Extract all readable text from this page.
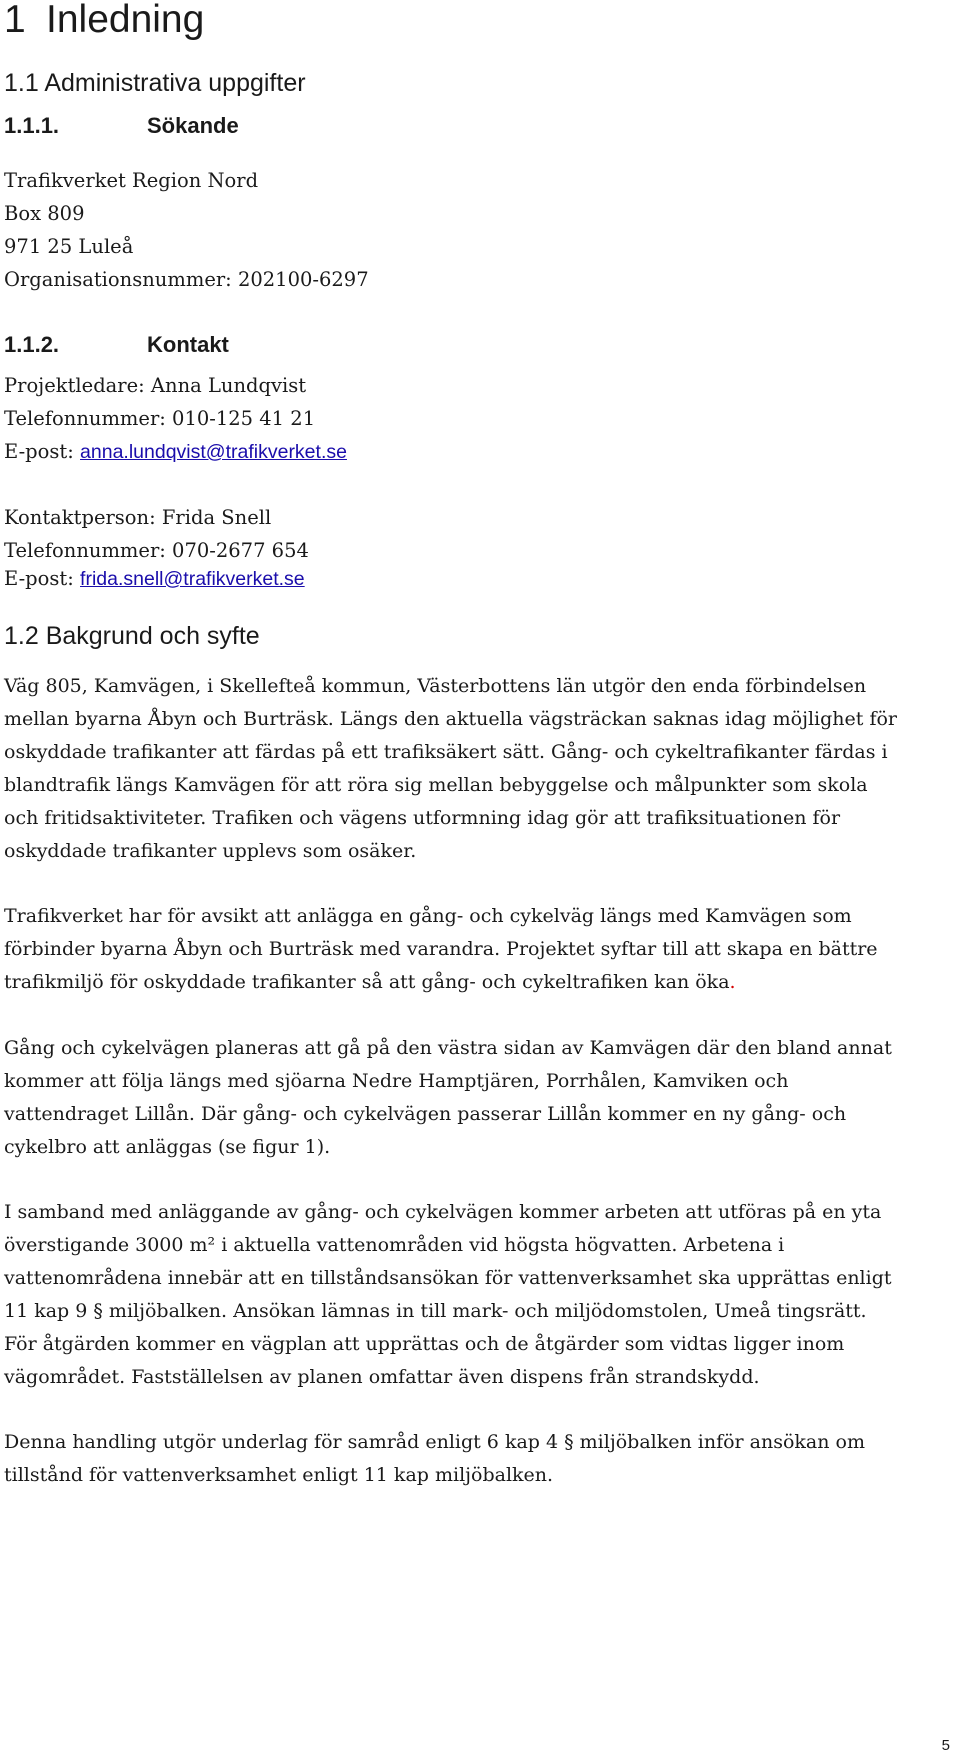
1 Inledning
1.1 Administrativa uppgifter
1.1.1.	Sökande
Trafikverket Region Nord
Box 809
971 25 Luleå
Organisationsnummer: 202100-6297
1.1.2.	Kontakt
Projektledare: Anna Lundqvist
Telefonnummer: 010-125 41 21
E-post: anna.lundqvist@trafikverket.se
Kontaktperson: Frida Snell
Telefonnummer: 070-2677 654
E-post: frida.snell@trafikverket.se
1.2 Bakgrund och syfte
Väg 805, Kamvägen, i Skellefteå kommun, Västerbottens län utgör den enda förbindelsen
mellan byarna Åbyn och Burträsk. Längs den aktuella vägsträckan saknas idag möjlighet för
oskyddade trafikanter att färdas på ett trafiksäkert sätt. Gång- och cykeltrafikanter färdas i
blandtrafik längs Kamvägen för att röra sig mellan bebyggelse och målpunkter som skola
och fritidsaktiviteter. Trafiken och vägens utformning idag gör att trafiksituationen för
oskyddade trafikanter upplevs som osäker.
Trafikverket har för avsikt att anlägga en gång- och cykelväg längs med Kamvägen som
förbinder byarna Åbyn och Burträsk med varandra. Projektet syftar till att skapa en bättre
trafikmiljö för oskyddade trafikanter så att gång- och cykeltrafiken kan öka.
Gång och cykelvägen planeras att gå på den västra sidan av Kamvägen där den bland annat
kommer att följa längs med sjöarna Nedre Hamptjären, Porrhålen, Kamviken och
vattendraget Lillån. Där gång- och cykelvägen passerar Lillån kommer en ny gång- och
cykelbro att anläggas (se figur 1).
I samband med anläggande av gång- och cykelvägen kommer arbeten att utföras på en yta
överstigande 3000 m² i aktuella vattenområden vid högsta högvatten. Arbetena i
vattenområdena innebär att en tillståndsansökan för vattenverksamhet ska upprättas enligt
11 kap 9 § miljöbalken. Ansökan lämnas in till mark- och miljödomstolen, Umeå tingsrätt.
För åtgärden kommer en vägplan att upprättas och de åtgärder som vidtas ligger inom
vägområdet. Fastställelsen av planen omfattar även dispens från strandskydd.
Denna handling utgör underlag för samråd enligt 6 kap 4 § miljöbalken inför ansökan om
tillstånd för vattenverksamhet enligt 11 kap miljöbalken.
5
